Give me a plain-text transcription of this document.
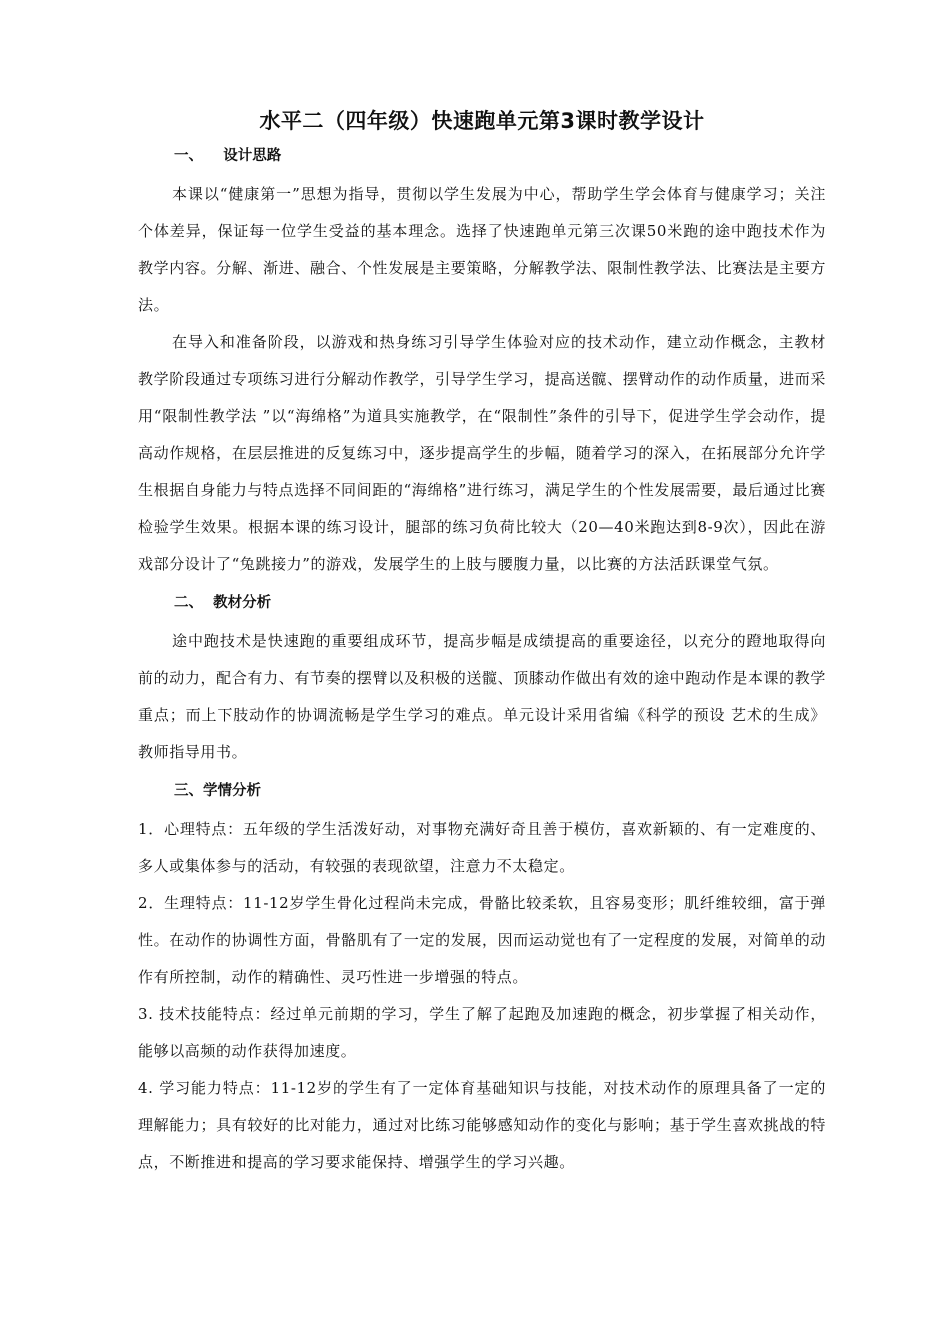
水平二（四年级）快速跑单元第3课时教学设计
一、    设计思路

本课以“健康第一”思想为指导，贯彻以学生发展为中心，帮助学生学会体育与健康学习；关注个体差异，保证每一位学生受益的基本理念。选择了快速跑单元第三次课50米跑的途中跑技术作为教学内容。分解、渐进、融合、个性发展是主要策略，分解教学法、限制性教学法、比赛法是主要方法。

在导入和准备阶段，以游戏和热身练习引导学生体验对应的技术动作，建立动作概念，主教材教学阶段通过专项练习进行分解动作教学，引导学生学习，提高送髋、摆臂动作的动作质量，进而采用“限制性教学法 ”以“海绵格”为道具实施教学，在“限制性”条件的引导下，促进学生学会动作，提高动作规格，在层层推进的反复练习中，逐步提高学生的步幅，随着学习的深入，在拓展部分允许学生根据自身能力与特点选择不同间距的“海绵格”进行练习，满足学生的个性发展需要，最后通过比赛检验学生效果。根据本课的练习设计，腿部的练习负荷比较大（20—40米跑达到8-9次），因此在游戏部分设计了“兔跳接力”的游戏，发展学生的上肢与腰腹力量，以比赛的方法活跃课堂气氛。

二、  教材分析

途中跑技术是快速跑的重要组成环节，提高步幅是成绩提高的重要途径，以充分的蹬地取得向前的动力，配合有力、有节奏的摆臂以及积极的送髋、顶膝动作做出有效的途中跑动作是本课的教学重点；而上下肢动作的协调流畅是学生学习的难点。单元设计采用省编《科学的预设 艺术的生成》教师指导用书。

三、学情分析

1．心理特点：五年级的学生活泼好动，对事物充满好奇且善于模仿，喜欢新颖的、有一定难度的、多人或集体参与的活动，有较强的表现欲望，注意力不太稳定。

2．生理特点：11-12岁学生骨化过程尚未完成，骨骼比较柔软，且容易变形；肌纤维较细，富于弹性。在动作的协调性方面，骨骼肌有了一定的发展，因而运动觉也有了一定程度的发展，对简单的动作有所控制，动作的精确性、灵巧性进一步增强的特点。

3. 技术技能特点：经过单元前期的学习，学生了解了起跑及加速跑的概念，初步掌握了相关动作，能够以高频的动作获得加速度。

4. 学习能力特点：11-12岁的学生有了一定体育基础知识与技能，对技术动作的原理具备了一定的理解能力；具有较好的比对能力，通过对比练习能够感知动作的变化与影响；基于学生喜欢挑战的特点，不断推进和提高的学习要求能保持、增强学生的学习兴趣。
